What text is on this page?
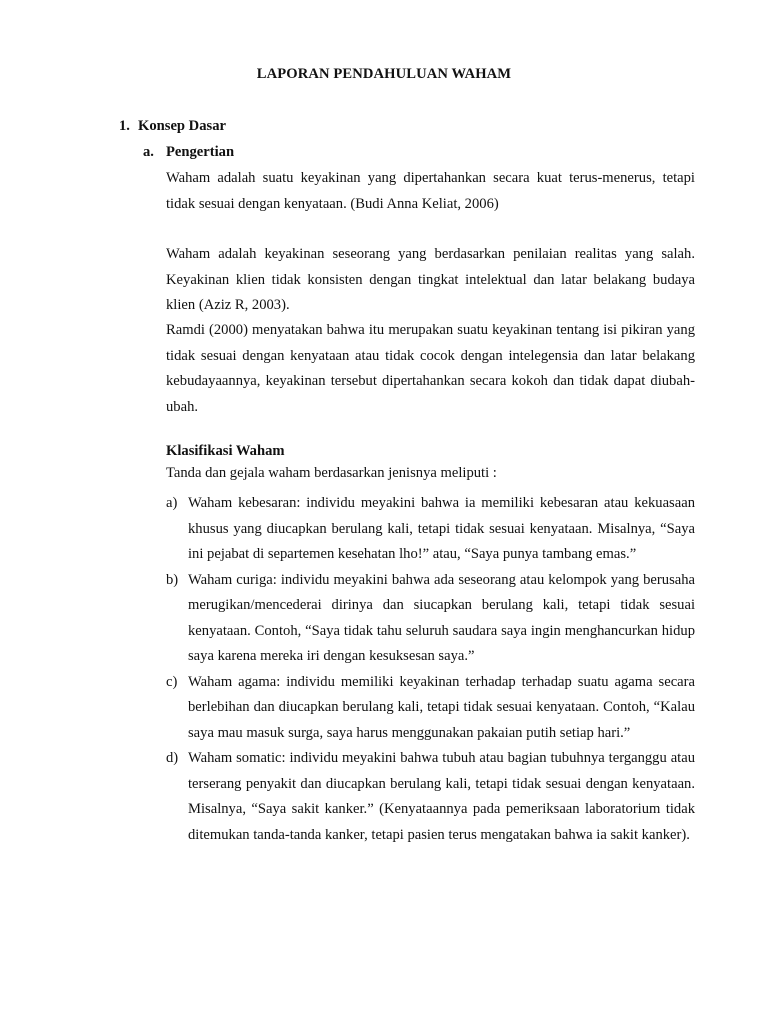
LAPORAN PENDAHULUAN WAHAM
1. Konsep Dasar
a. Pengertian

Waham adalah suatu keyakinan yang dipertahankan secara kuat terus-menerus, tetapi tidak sesuai dengan kenyataan. (Budi Anna Keliat, 2006)

Waham adalah keyakinan seseorang yang berdasarkan penilaian realitas yang salah. Keyakinan klien tidak konsisten dengan tingkat intelektual dan latar belakang budaya klien (Aziz R, 2003).

Ramdi (2000) menyatakan bahwa itu merupakan suatu keyakinan tentang isi pikiran yang tidak sesuai dengan kenyataan atau tidak cocok dengan intelegensia dan latar belakang kebudayaannya, keyakinan tersebut dipertahankan secara kokoh dan tidak dapat diubah-ubah.

Klasifikasi Waham
Tanda dan gejala waham berdasarkan jenisnya meliputi :
a) Waham kebesaran: individu meyakini bahwa ia memiliki kebesaran atau kekuasaan khusus yang diucapkan berulang kali, tetapi tidak sesuai kenyataan. Misalnya, “Saya ini pejabat di separtemen kesehatan lho!” atau, “Saya punya tambang emas.”
b) Waham curiga: individu meyakini bahwa ada seseorang atau kelompok yang berusaha merugikan/mencederai dirinya dan siucapkan berulang kali, tetapi tidak sesuai kenyataan. Contoh, “Saya tidak tahu seluruh saudara saya ingin menghancurkan hidup saya karena mereka iri dengan kesuksesan saya.”
c) Waham agama: individu memiliki keyakinan terhadap terhadap suatu agama secara berlebihan dan diucapkan berulang kali, tetapi tidak sesuai kenyataan. Contoh, “Kalau saya mau masuk surga, saya harus menggunakan pakaian putih setiap hari.”
d) Waham somatic: individu meyakini bahwa tubuh atau bagian tubuhnya terganggu atau terserang penyakit dan diucapkan berulang kali, tetapi tidak sesuai dengan kenyataan. Misalnya, “Saya sakit kanker.” (Kenyataannya pada pemeriksaan laboratorium tidak ditemukan tanda-tanda kanker, tetapi pasien terus mengatakan bahwa ia sakit kanker).
